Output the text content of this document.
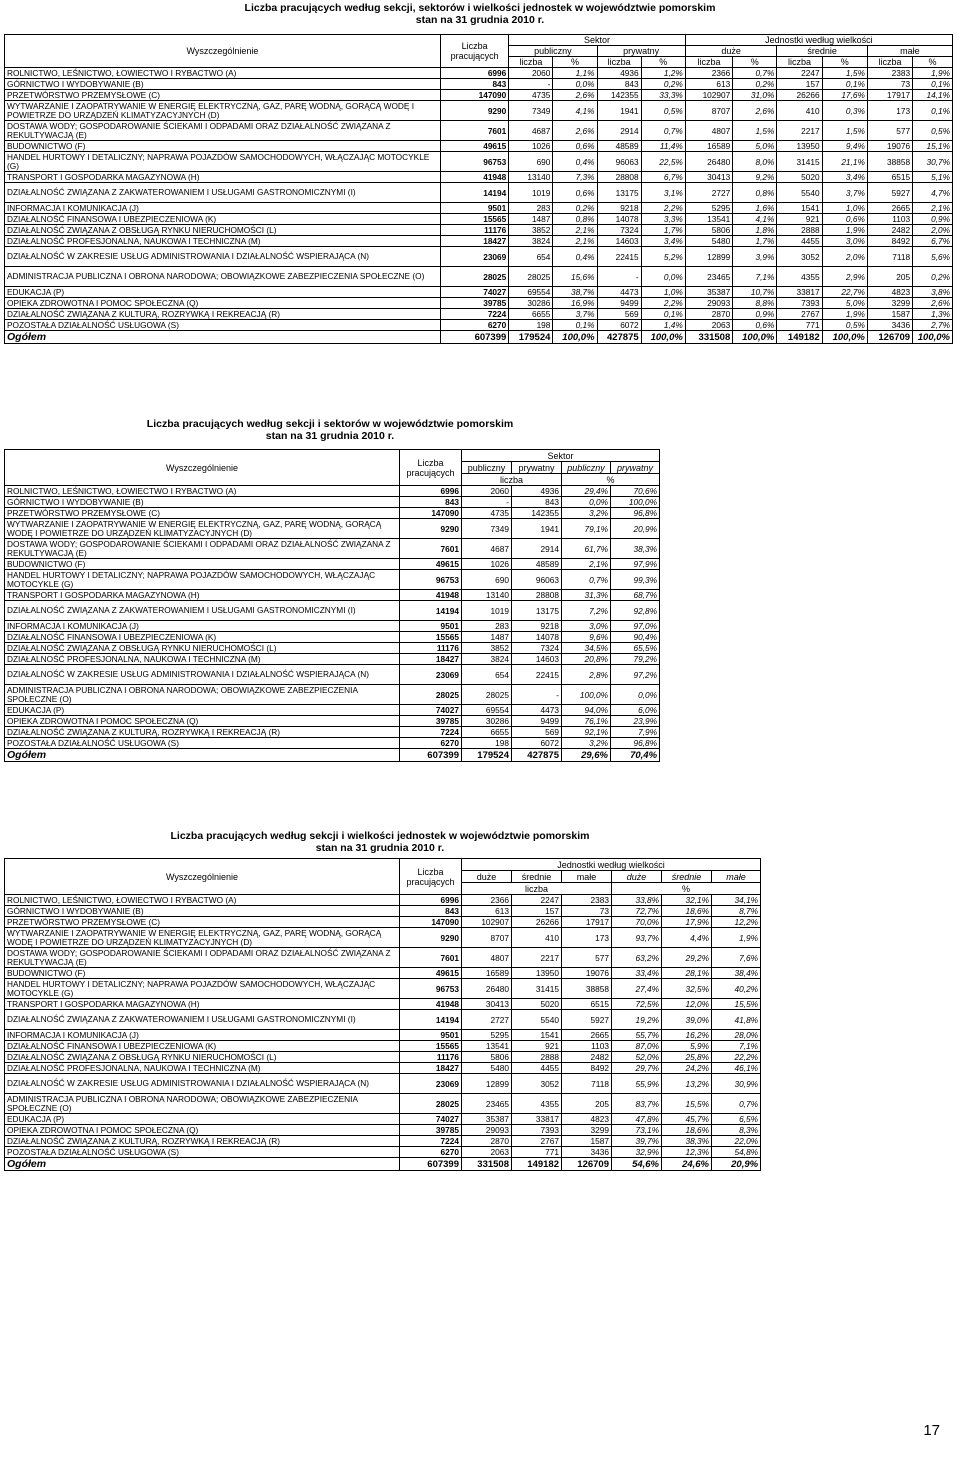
Liczba pracujących według sekcji, sektorów i wielkości jednostek w województwie pomorskim
stan na 31 grudnia 2010 r.
Wyszczególnienie	Liczba pracujących	Sektor				Jednostki według wielkości					
		publiczny		prywatny		duże		średnie		małe	
		liczba	%	liczba	%	liczba	%	liczba	%	liczba	%
ROLNICTWO, LEŚNICTWO, ŁOWIECTWO I RYBACTWO (A)	6996	2060	1,1%	4936	1,2%	2366	0,7%	2247	1,5%	2383	1,9%
GÓRNICTWO I WYDOBYWANIE (B)	843	-	0,0%	843	0,2%	613	0,2%	157	0,1%	73	0,1%
PRZETWÓRSTWO PRZEMYSŁOWE (C)	147090	4735	2,6%	142355	33,3%	102907	31,0%	26266	17,6%	17917	14,1%
WYTWARZANIE I ZAOPATRYWANIE W ENERGIĘ ELEKTRYCZNĄ, GAZ, PARĘ WODNĄ, GORĄCĄ WODĘ I POWIETRZE DO URZĄDZEŃ KLIMATYZACYJNYCH (D)	9290	7349	4,1%	1941	0,5%	8707	2,6%	410	0,3%	173	0,1%
DOSTAWA WODY; GOSPODAROWANIE ŚCIEKAMI I ODPADAMI ORAZ DZIAŁALNOŚĆ ZWIĄZANA Z REKULTYWACJĄ (E)	7601	4687	2,6%	2914	0,7%	4807	1,5%	2217	1,5%	577	0,5%
BUDOWNICTWO (F)	49615	1026	0,6%	48589	11,4%	16589	5,0%	13950	9,4%	19076	15,1%
HANDEL HURTOWY I DETALICZNY; NAPRAWA POJAZDÓW SAMOCHODOWYCH, WŁĄCZAJĄC MOTOCYKLE (G)	96753	690	0,4%	96063	22,5%	26480	8,0%	31415	21,1%	38858	30,7%
TRANSPORT I GOSPODARKA MAGAZYNOWA (H)	41948	13140	7,3%	28808	6,7%	30413	9,2%	5020	3,4%	6515	5,1%
DZIAŁALNOŚĆ ZWIĄZANA Z ZAKWATEROWANIEM I USŁUGAMI GASTRONOMICZNYMI (I)	14194	1019	0,6%	13175	3,1%	2727	0,8%	5540	3,7%	5927	4,7%
INFORMACJA I KOMUNIKACJA (J)	9501	283	0,2%	9218	2,2%	5295	1,6%	1541	1,0%	2665	2,1%
DZIAŁALNOŚĆ FINANSOWA I UBEZPIECZENIOWA (K)	15565	1487	0,8%	14078	3,3%	13541	4,1%	921	0,6%	1103	0,9%
DZIAŁALNOŚĆ ZWIĄZANA Z OBSŁUGĄ RYNKU NIERUCHOMOŚCI (L)	11176	3852	2,1%	7324	1,7%	5806	1,8%	2888	1,9%	2482	2,0%
DZIAŁALNOŚĆ PROFESJONALNA, NAUKOWA I TECHNICZNA (M)	18427	3824	2,1%	14603	3,4%	5480	1,7%	4455	3,0%	8492	6,7%
DZIAŁALNOŚĆ W ZAKRESIE USŁUG ADMINISTROWANIA I DZIAŁALNOŚĆ WSPIERAJĄCA (N)	23069	654	0,4%	22415	5,2%	12899	3,9%	3052	2,0%	7118	5,6%
ADMINISTRACJA PUBLICZNA I OBRONA NARODOWA; OBOWIĄZKOWE ZABEZPIECZENIA SPOŁECZNE (O)	28025	28025	15,6%	-	0,0%	23465	7,1%	4355	2,9%	205	0,2%
EDUKACJA (P)	74027	69554	38,7%	4473	1,0%	35387	10,7%	33817	22,7%	4823	3,8%
OPIEKA ZDROWOTNA I POMOC SPOŁECZNA (Q)	39785	30286	16,9%	9499	2,2%	29093	8,8%	7393	5,0%	3299	2,6%
DZIAŁALNOŚĆ ZWIĄZANA Z KULTURĄ, ROZRYWKĄ I REKREACJĄ (R)	7224	6655	3,7%	569	0,1%	2870	0,9%	2767	1,9%	1587	1,3%
POZOSTAŁA DZIAŁALNOŚĆ USŁUGOWA (S)	6270	198	0,1%	6072	1,4%	2063	0,6%	771	0,5%	3436	2,7%
Ogółem	607399	179524	100,0%	427875	100,0%	331508	100,0%	149182	100,0%	126709	100,0%
Liczba pracujących według sekcji i sektorów w województwie pomorskim
stan na 31 grudnia 2010 r.
Wyszczególnienie	Liczba pracujących	Sektor			
		publiczny	prywatny	publiczny	prywatny
		liczba		%	
ROLNICTWO, LEŚNICTWO, ŁOWIECTWO I RYBACTWO (A)	6996	2060	4936	29,4%	70,6%
GÓRNICTWO I WYDOBYWANIE (B)	843	-	843	0,0%	100,0%
PRZETWÓRSTWO PRZEMYSŁOWE (C)	147090	4735	142355	3,2%	96,8%
WYTWARZANIE I ZAOPATRYWANIE W ENERGIĘ ELEKTRYCZNĄ, GAZ, PARĘ WODNĄ, GORĄCĄ WODĘ I POWIETRZE DO URZĄDZEŃ KLIMATYZACYJNYCH (D)	9290	7349	1941	79,1%	20,9%
DOSTAWA WODY; GOSPODAROWANIE ŚCIEKAMI I ODPADAMI ORAZ DZIAŁALNOŚĆ ZWIĄZANA Z REKULTYWACJĄ (E)	7601	4687	2914	61,7%	38,3%
BUDOWNICTWO (F)	49615	1026	48589	2,1%	97,9%
HANDEL HURTOWY I DETALICZNY; NAPRAWA POJAZDÓW SAMOCHODOWYCH, WŁĄCZAJĄC MOTOCYKLE (G)	96753	690	96063	0,7%	99,3%
TRANSPORT I GOSPODARKA MAGAZYNOWA (H)	41948	13140	28808	31,3%	68,7%
DZIAŁALNOŚĆ ZWIĄZANA Z ZAKWATEROWANIEM I USŁUGAMI GASTRONOMICZNYMI (I)	14194	1019	13175	7,2%	92,8%
INFORMACJA I KOMUNIKACJA (J)	9501	283	9218	3,0%	97,0%
DZIAŁALNOŚĆ FINANSOWA I UBEZPIECZENIOWA (K)	15565	1487	14078	9,6%	90,4%
DZIAŁALNOŚĆ ZWIĄZANA Z OBSŁUGĄ RYNKU NIERUCHOMOŚCI (L)	11176	3852	7324	34,5%	65,5%
DZIAŁALNOŚĆ PROFESJONALNA, NAUKOWA I TECHNICZNA (M)	18427	3824	14603	20,8%	79,2%
DZIAŁALNOŚĆ W ZAKRESIE USŁUG ADMINISTROWANIA I DZIAŁALNOŚĆ WSPIERAJĄCA (N)	23069	654	22415	2,8%	97,2%
ADMINISTRACJA PUBLICZNA I OBRONA NARODOWA; OBOWIĄZKOWE ZABEZPIECZENIA SPOŁECZNE (O)	28025	28025	-	100,0%	0,0%
EDUKACJA (P)	74027	69554	4473	94,0%	6,0%
OPIEKA ZDROWOTNA I POMOC SPOŁECZNA (Q)	39785	30286	9499	76,1%	23,9%
DZIAŁALNOŚĆ ZWIĄZANA Z KULTURĄ, ROZRYWKĄ I REKREACJĄ (R)	7224	6655	569	92,1%	7,9%
POZOSTAŁA DZIAŁALNOŚĆ USŁUGOWA (S)	6270	198	6072	3,2%	96,8%
Ogółem	607399	179524	427875	29,6%	70,4%
Liczba pracujących według sekcji i wielkości jednostek w województwie pomorskim
stan na 31 grudnia 2010 r.
Wyszczególnienie	Liczba pracujących	Jednostki według wielkości					
		duże	średnie	małe	duże	średnie	małe
		liczba			%		
ROLNICTWO, LEŚNICTWO, ŁOWIECTWO I RYBACTWO (A)	6996	2366	2247	2383	33,8%	32,1%	34,1%
GÓRNICTWO I WYDOBYWANIE (B)	843	613	157	73	72,7%	18,6%	8,7%
PRZETWÓRSTWO PRZEMYSŁOWE (C)	147090	102907	26266	17917	70,0%	17,9%	12,2%
WYTWARZANIE I ZAOPATRYWANIE W ENERGIĘ ELEKTRYCZNĄ, GAZ, PARĘ WODNĄ, GORĄCĄ WODĘ I POWIETRZE DO URZĄDZEŃ KLIMATYZACYJNYCH (D)	9290	8707	410	173	93,7%	4,4%	1,9%
DOSTAWA WODY; GOSPODAROWANIE ŚCIEKAMI I ODPADAMI ORAZ DZIAŁALNOŚĆ ZWIĄZANA Z REKULTYWACJĄ (E)	7601	4807	2217	577	63,2%	29,2%	7,6%
BUDOWNICTWO (F)	49615	16589	13950	19076	33,4%	28,1%	38,4%
HANDEL HURTOWY I DETALICZNY; NAPRAWA POJAZDÓW SAMOCHODOWYCH, WŁĄCZAJĄC MOTOCYKLE (G)	96753	26480	31415	38858	27,4%	32,5%	40,2%
TRANSPORT I GOSPODARKA MAGAZYNOWA (H)	41948	30413	5020	6515	72,5%	12,0%	15,5%
DZIAŁALNOŚĆ ZWIĄZANA Z ZAKWATEROWANIEM I USŁUGAMI GASTRONOMICZNYMI (I)	14194	2727	5540	5927	19,2%	39,0%	41,8%
INFORMACJA I KOMUNIKACJA (J)	9501	5295	1541	2665	55,7%	16,2%	28,0%
DZIAŁALNOŚĆ FINANSOWA I UBEZPIECZENIOWA (K)	15565	13541	921	1103	87,0%	5,9%	7,1%
DZIAŁALNOŚĆ ZWIĄZANA Z OBSŁUGĄ RYNKU NIERUCHOMOŚCI (L)	11176	5806	2888	2482	52,0%	25,8%	22,2%
DZIAŁALNOŚĆ PROFESJONALNA, NAUKOWA I TECHNICZNA (M)	18427	5480	4455	8492	29,7%	24,2%	46,1%
DZIAŁALNOŚĆ W ZAKRESIE USŁUG ADMINISTROWANIA I DZIAŁALNOŚĆ WSPIERAJĄCA (N)	23069	12899	3052	7118	55,9%	13,2%	30,9%
ADMINISTRACJA PUBLICZNA I OBRONA NARODOWA; OBOWIĄZKOWE ZABEZPIECZENIA SPOŁECZNE (O)	28025	23465	4355	205	83,7%	15,5%	0,7%
EDUKACJA (P)	74027	35387	33817	4823	47,8%	45,7%	6,5%
OPIEKA ZDROWOTNA I POMOC SPOŁECZNA (Q)	39785	29093	7393	3299	73,1%	18,6%	8,3%
DZIAŁALNOŚĆ ZWIĄZANA Z KULTURĄ, ROZRYWKĄ I REKREACJĄ (R)	7224	2870	2767	1587	39,7%	38,3%	22,0%
POZOSTAŁA DZIAŁALNOŚĆ USŁUGOWA (S)	6270	2063	771	3436	32,9%	12,3%	54,8%
Ogółem	607399	331508	149182	126709	54,6%	24,6%	20,9%
17
